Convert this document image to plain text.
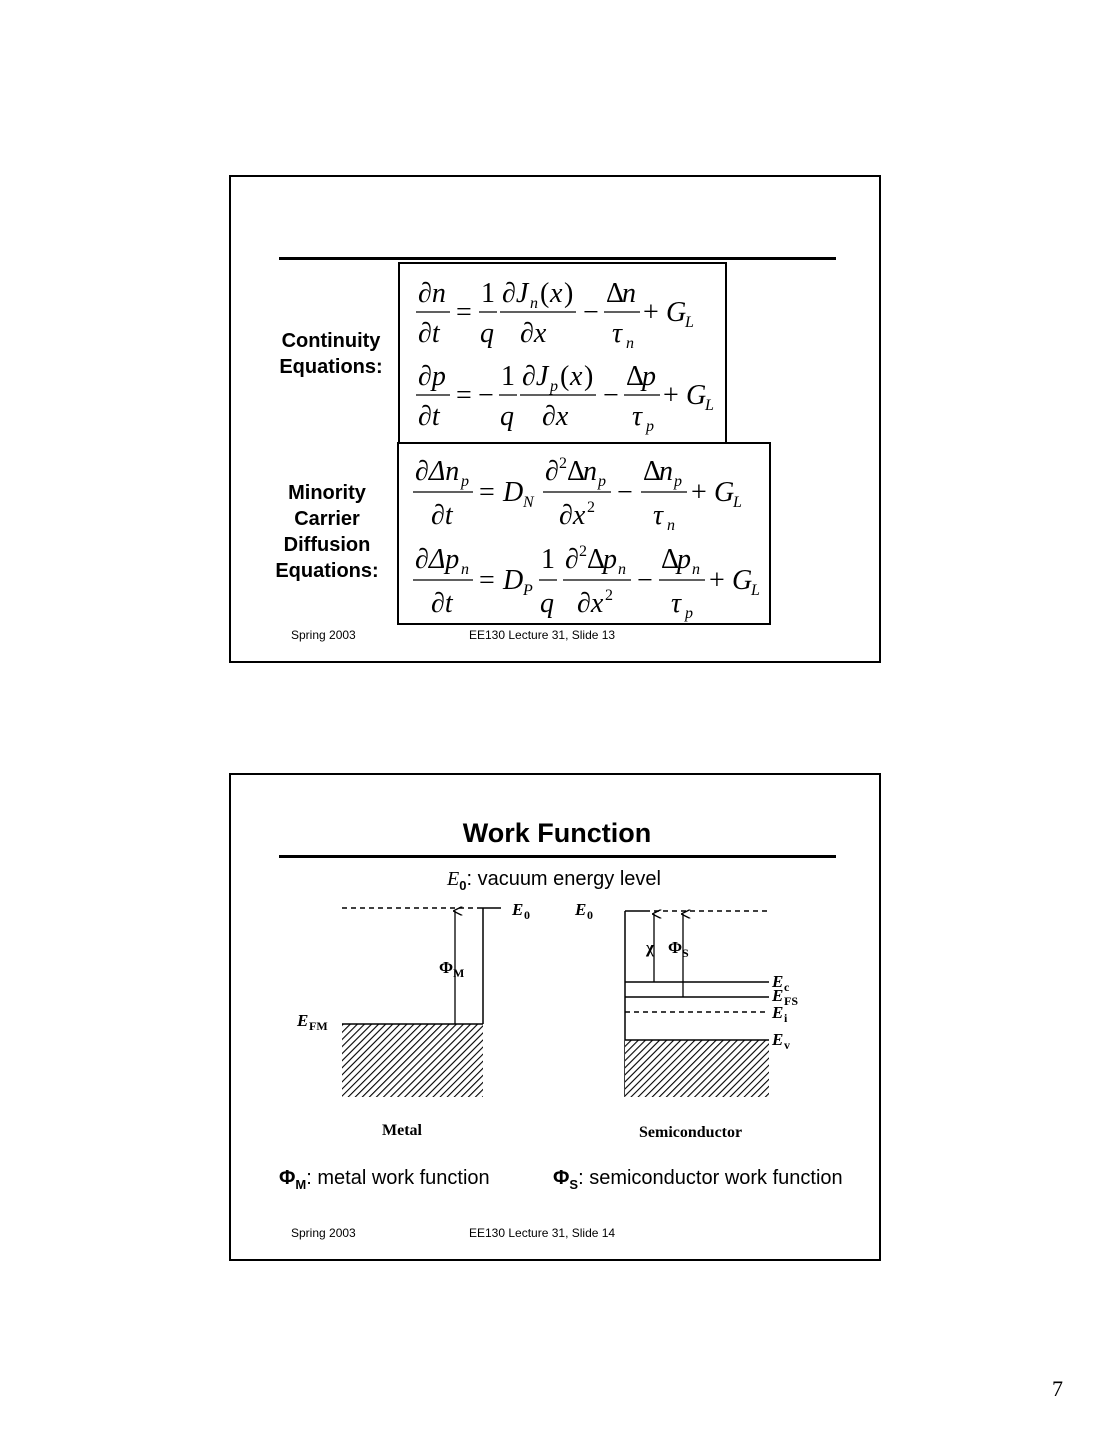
Continuity Equations:
Minority Carrier Diffusion Equations:
∂n
∂t
=
1
q
∂J n ( x )
∂x
−
Δ
n
τ n
+ G
L
∂p
∂t
= −
1
q
∂J p ( x )
∂x
−
Δ
p
τ p
+ G
L
∂Δn p
∂t
= D N
∂ 2 Δ
n p
∂x 2 −
Δ
n p
τ n
+ G
L
∂Δp n
∂t
= D P
1
q
∂ 2 Δ
p n
∂x 2 −
Δ
p n
τ p
+ G
L
Spring 2003	EE130 Lecture 31, Slide 13
Work Function
$E_0$: vacuum energy level
E 0	E 0
Φ M
E FM
χ Φ S
E c
E FS
E i
E v
Metal	Semiconductor
$\Phi_M$: metal work function	$\Phi_S$: semiconductor work function
Spring 2003	EE130 Lecture 31, Slide 14
7
